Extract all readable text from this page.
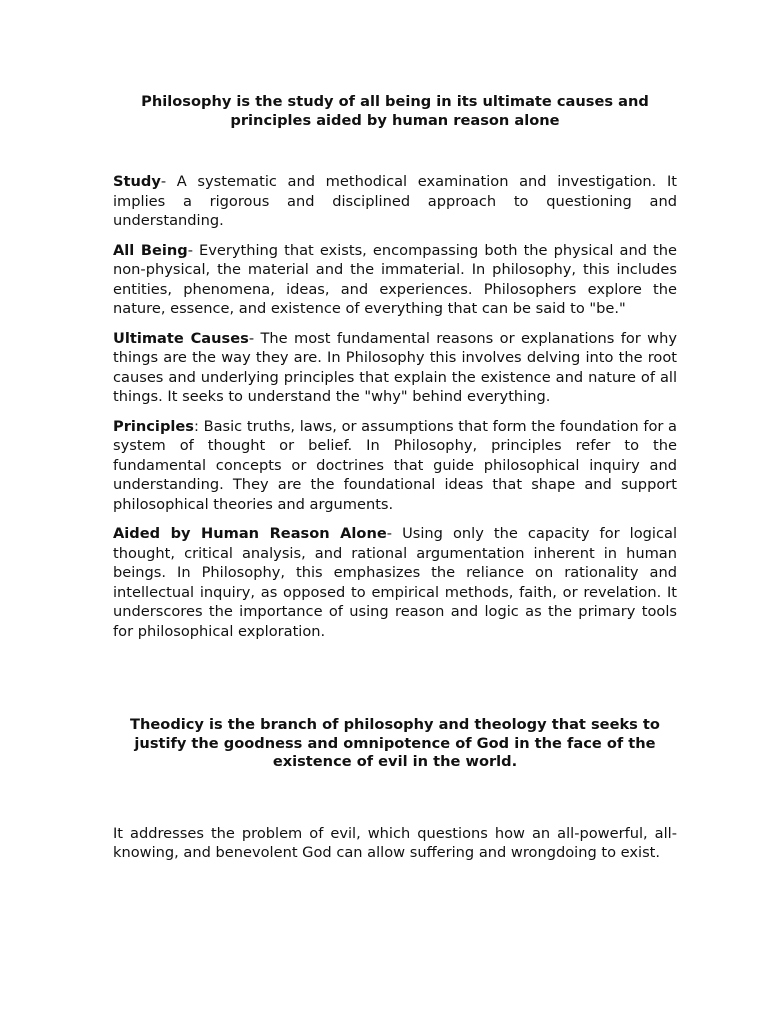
Philosophy is the study of all being in its ultimate causes and principles aided by human reason alone

Study- A systematic and methodical examination and investigation. It implies a rigorous and disciplined approach to questioning and understanding.

All Being- Everything that exists, encompassing both the physical and the non-physical, the material and the immaterial. In philosophy, this includes entities, phenomena, ideas, and experiences. Philosophers explore the nature, essence, and existence of everything that can be said to "be."

Ultimate Causes- The most fundamental reasons or explanations for why things are the way they are. In Philosophy this involves delving into the root causes and underlying principles that explain the existence and nature of all things. It seeks to understand the "why" behind everything.

Principles: Basic truths, laws, or assumptions that form the foundation for a system of thought or belief. In Philosophy, principles refer to the fundamental concepts or doctrines that guide philosophical inquiry and understanding. They are the foundational ideas that shape and support philosophical theories and arguments.

Aided by Human Reason Alone- Using only the capacity for logical thought, critical analysis, and rational argumentation inherent in human beings. In Philosophy, this emphasizes the reliance on rationality and intellectual inquiry, as opposed to empirical methods, faith, or revelation. It underscores the importance of using reason and logic as the primary tools for philosophical exploration.

Theodicy is the branch of philosophy and theology that seeks to justify the goodness and omnipotence of God in the face of the existence of evil in the world.

It addresses the problem of evil, which questions how an all-powerful, all-knowing, and benevolent God can allow suffering and wrongdoing to exist.
